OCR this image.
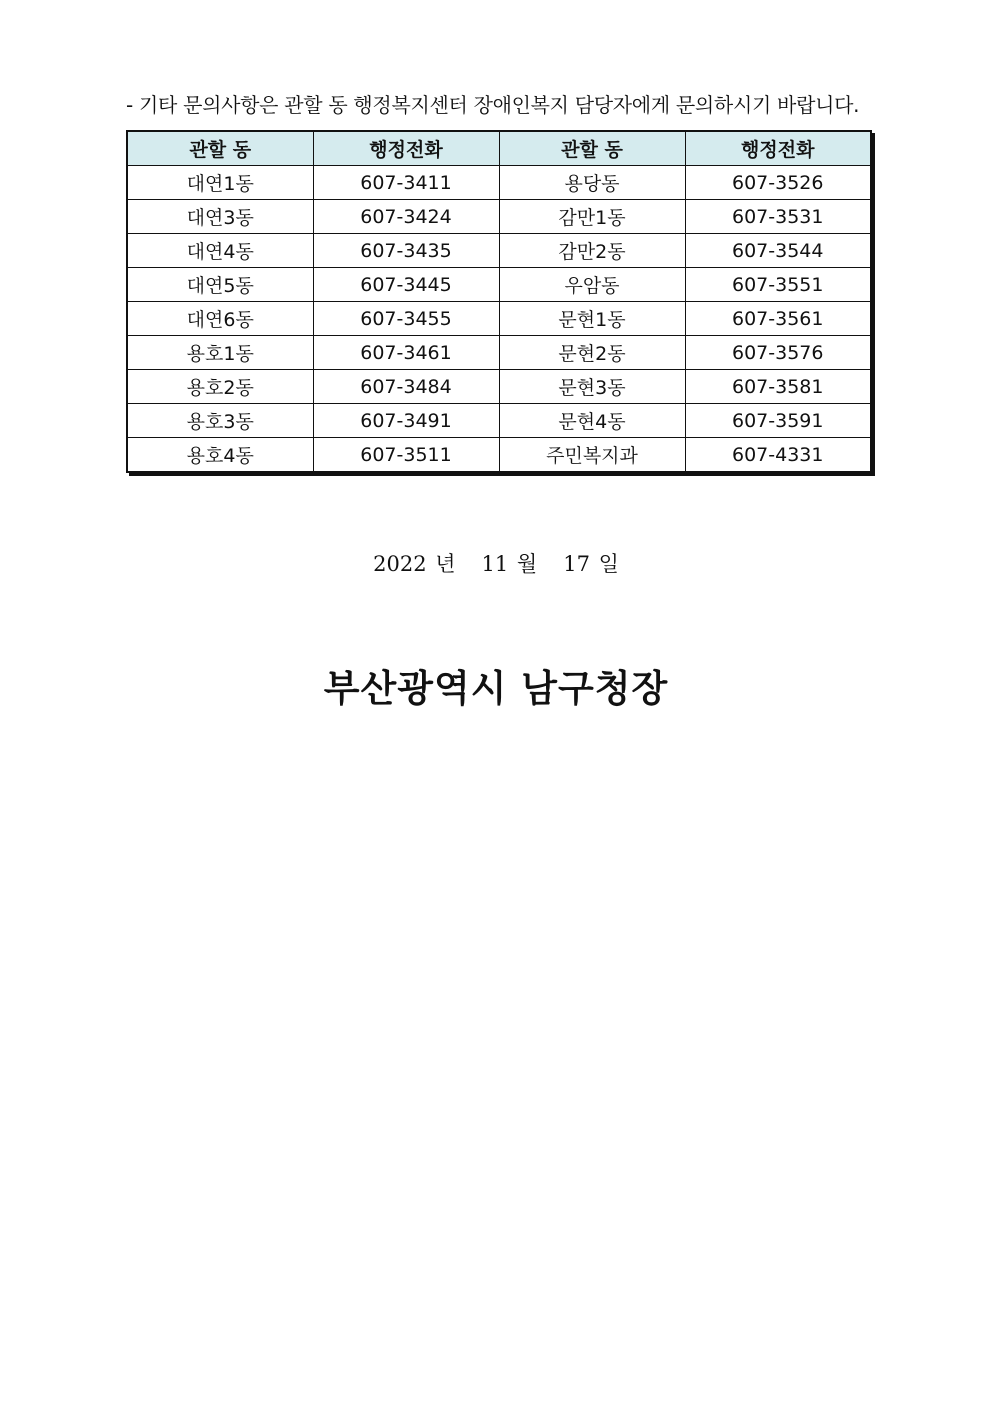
- 기타 문의사항은 관할 동 행정복지센터 장애인복지 담당자에게 문의하시기 바랍니다.
관할 동	행정전화	관할 동	행정전화
대연1동	607-3411	용당동	607-3526
대연3동	607-3424	감만1동	607-3531
대연4동	607-3435	감만2동	607-3544
대연5동	607-3445	우암동	607-3551
대연6동	607-3455	문현1동	607-3561
용호1동	607-3461	문현2동	607-3576
용호2동	607-3484	문현3동	607-3581
용호3동	607-3491	문현4동	607-3591
용호4동	607-3511	주민복지과	607-4331
2022 년 11 월 17 일
부산광역시 남구청장
